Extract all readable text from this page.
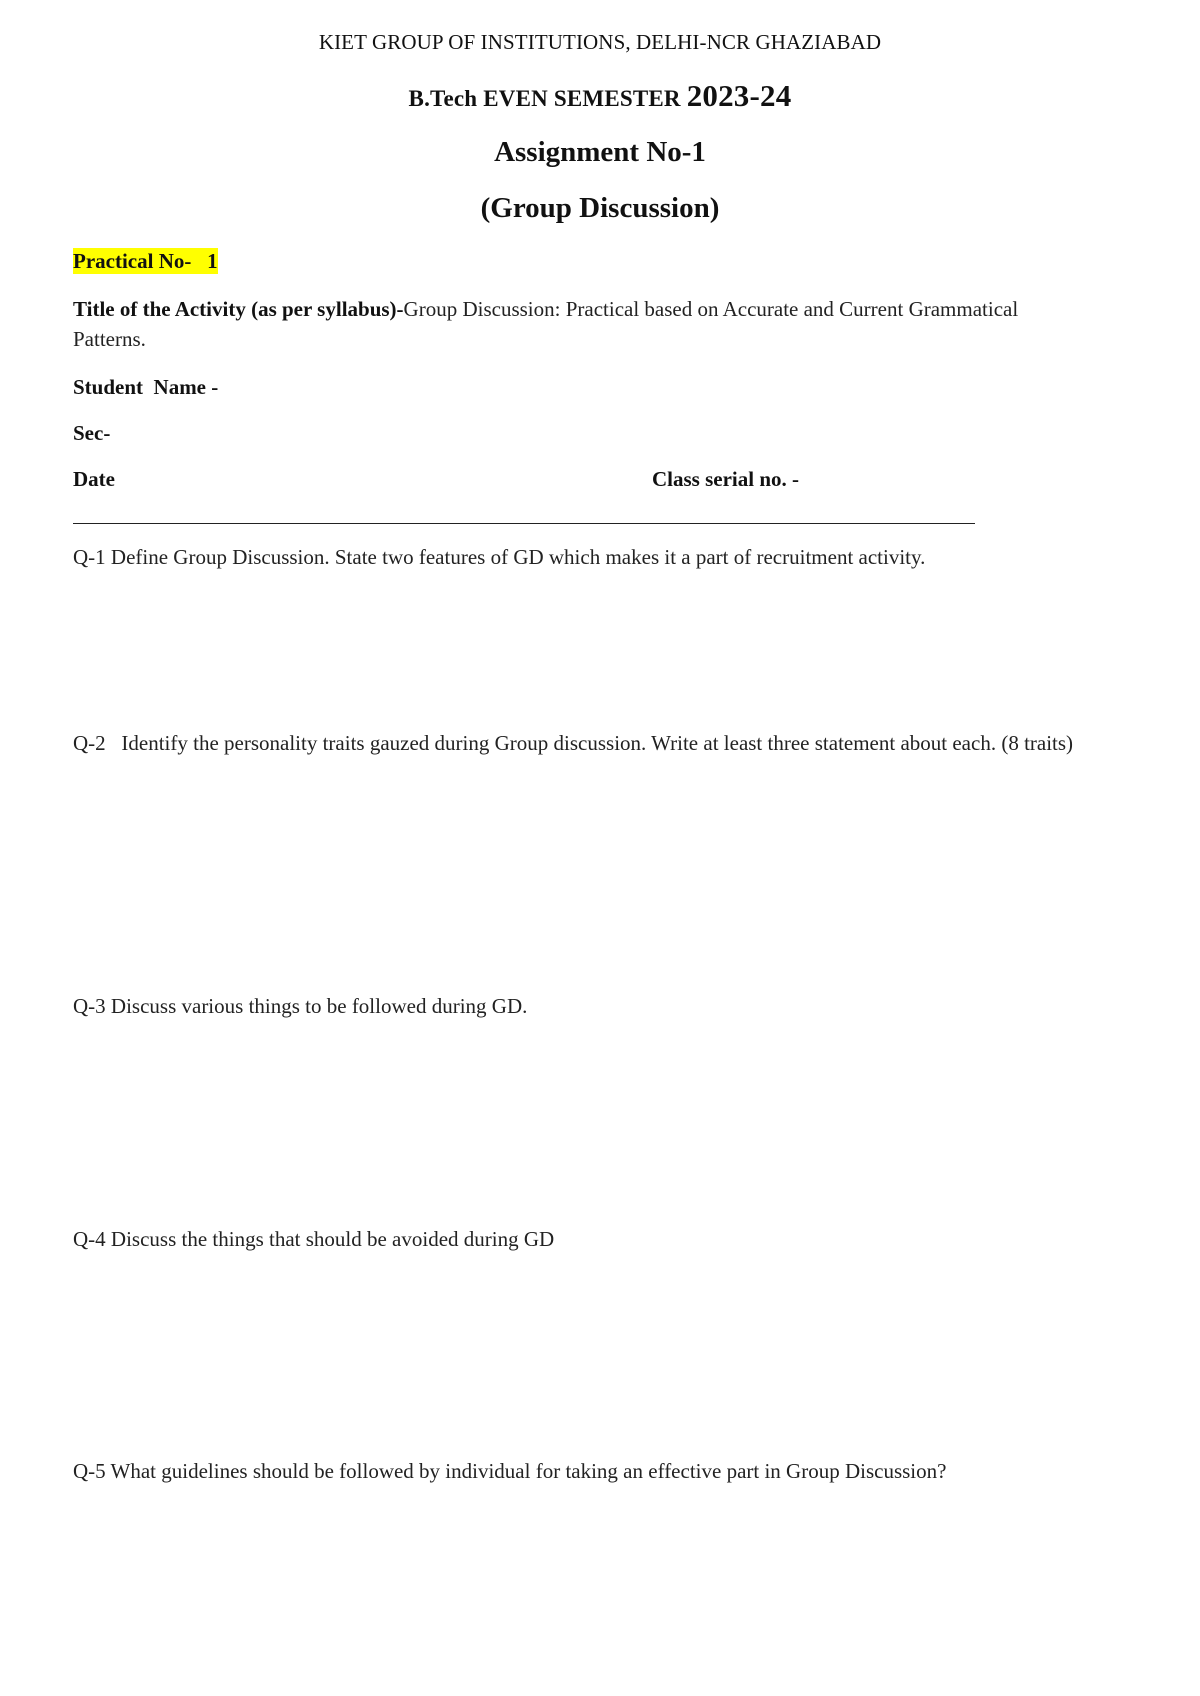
KIET GROUP OF INSTITUTIONS, DELHI-NCR GHAZIABAD
B.Tech EVEN SEMESTER 2023-24
Assignment No-1
(Group Discussion)
Practical No-   1
Title of the Activity (as per syllabus)-Group Discussion: Practical based on Accurate and Current Grammatical Patterns.
Student  Name -
Sec-
Date	Class serial no. -
Q-1 Define Group Discussion. State two features of GD which makes it a part of recruitment activity.
Q-2   Identify the personality traits gauzed during Group discussion. Write at least three statement about each. (8 traits)
Q-3 Discuss various things to be followed during GD.
Q-4 Discuss the things that should be avoided during GD
Q-5 What guidelines should be followed by individual for taking an effective part in Group Discussion?
